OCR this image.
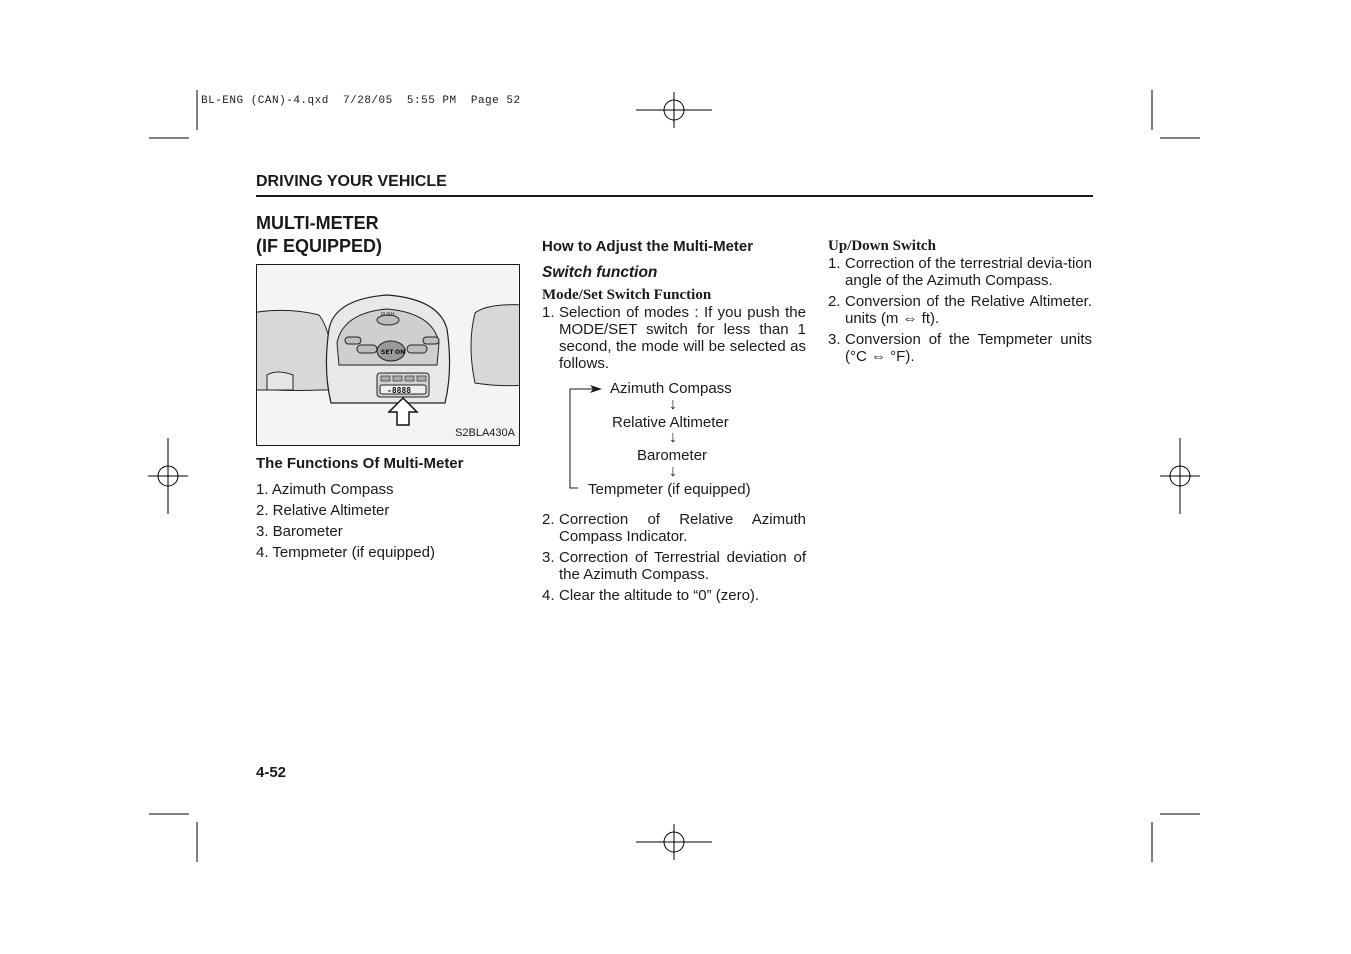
BL-ENG (CAN)-4.qxd  7/28/05  5:55 PM  Page 52
DRIVING YOUR VEHICLE
MULTI-METER
(IF EQUIPPED)
PUSH
SET ON
-8888
S2BLA430A
The Functions Of Multi-Meter
1. Azimuth Compass
2. Relative Altimeter
3. Barometer
4. Tempmeter (if equipped)
How to Adjust the Multi-Meter
Switch function
Mode/Set Switch Function
1. Selection of modes : If you push the MODE/SET switch for less than 1 second, the mode will be selected as follows.
Azimuth Compass
↓
Relative Altimeter
↓
Barometer
↓
Tempmeter (if equipped)
2. Correction of Relative Azimuth Compass Indicator.
3. Correction of Terrestrial deviation of the Azimuth Compass.
4. Clear the altitude to “0” (zero).
Up/Down Switch
1. Correction of the terrestrial devia-tion angle of the Azimuth Compass.
2. Conversion of the Relative Altimeter. units (m ⇔ ft).
3. Conversion of the Tempmeter units (°C ⇔ °F).
4-52
